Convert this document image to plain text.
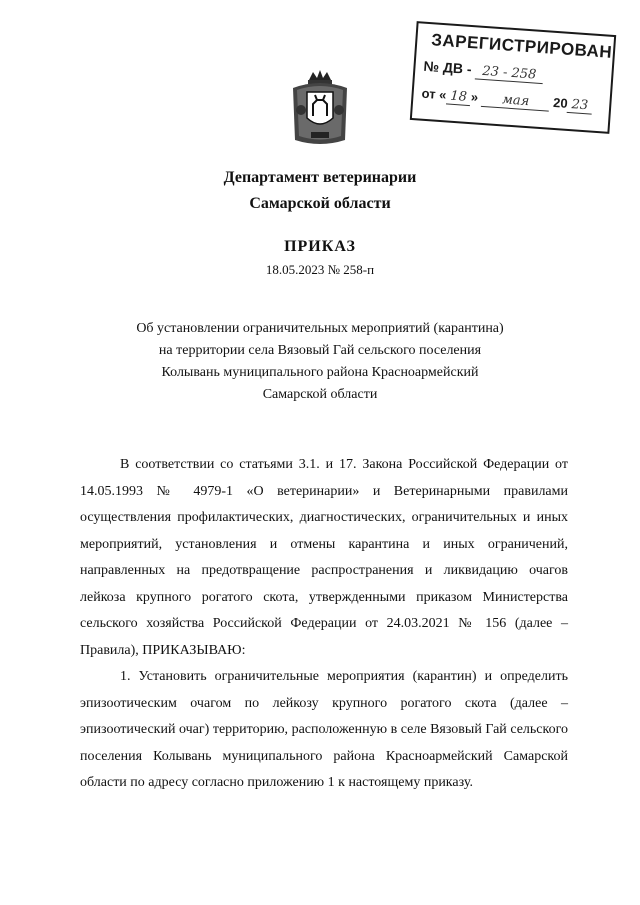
ЗАРЕГИСТРИРОВАН
№ ДВ - 23 - 258
от « 18 » мая 20 23
Департамент ветеринарии
Самарской области
ПРИКАЗ
18.05.2023 № 258-п
Об установлении ограничительных мероприятий (карантина)
на территории села Вязовый Гай сельского поселения
Колывань муниципального района Красноармейский
Самарской области

В соответствии со статьями 3.1. и 17. Закона Российской Федерации от 14.05.1993 № 4979-1 «О ветеринарии» и Ветеринарными правилами осуществления профилактических, диагностических, ограничительных и иных мероприятий, установления и отмены карантина и иных ограничений, направленных на предотвращение распространения и ликвидацию очагов лейкоза крупного рогатого скота, утвержденными приказом Министерства сельского хозяйства Российской Федерации от 24.03.2021 № 156 (далее – Правила), ПРИКАЗЫВАЮ:

1. Установить ограничительные мероприятия (карантин) и определить эпизоотическим очагом по лейкозу крупного рогатого скота (далее – эпизоотический очаг) территорию, расположенную в селе Вязовый Гай сельского поселения Колывань муниципального района Красноармейский Самарской области по адресу согласно приложению 1 к настоящему приказу.
